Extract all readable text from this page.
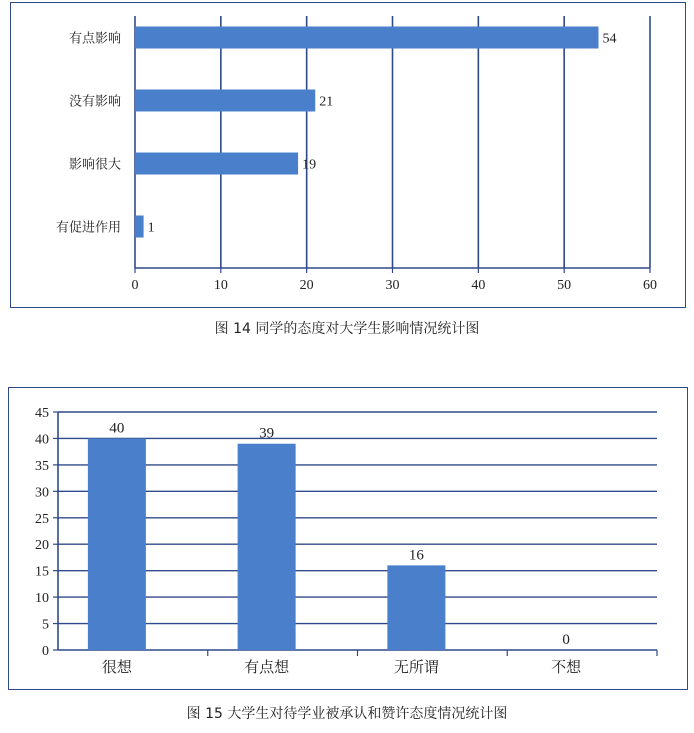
0	10	20	30	40	50	60
有点影响	54
没有影响	21
影响很大	19
有促进作用 1
0
5
10
15
20
25
30
35
40
45
40
很想
39
有点想
16
无所谓
0
不想
图 14 同学的态度对大学生影响情况统计图
图 15 大学生对待学业被承认和赞许态度情况统计图
